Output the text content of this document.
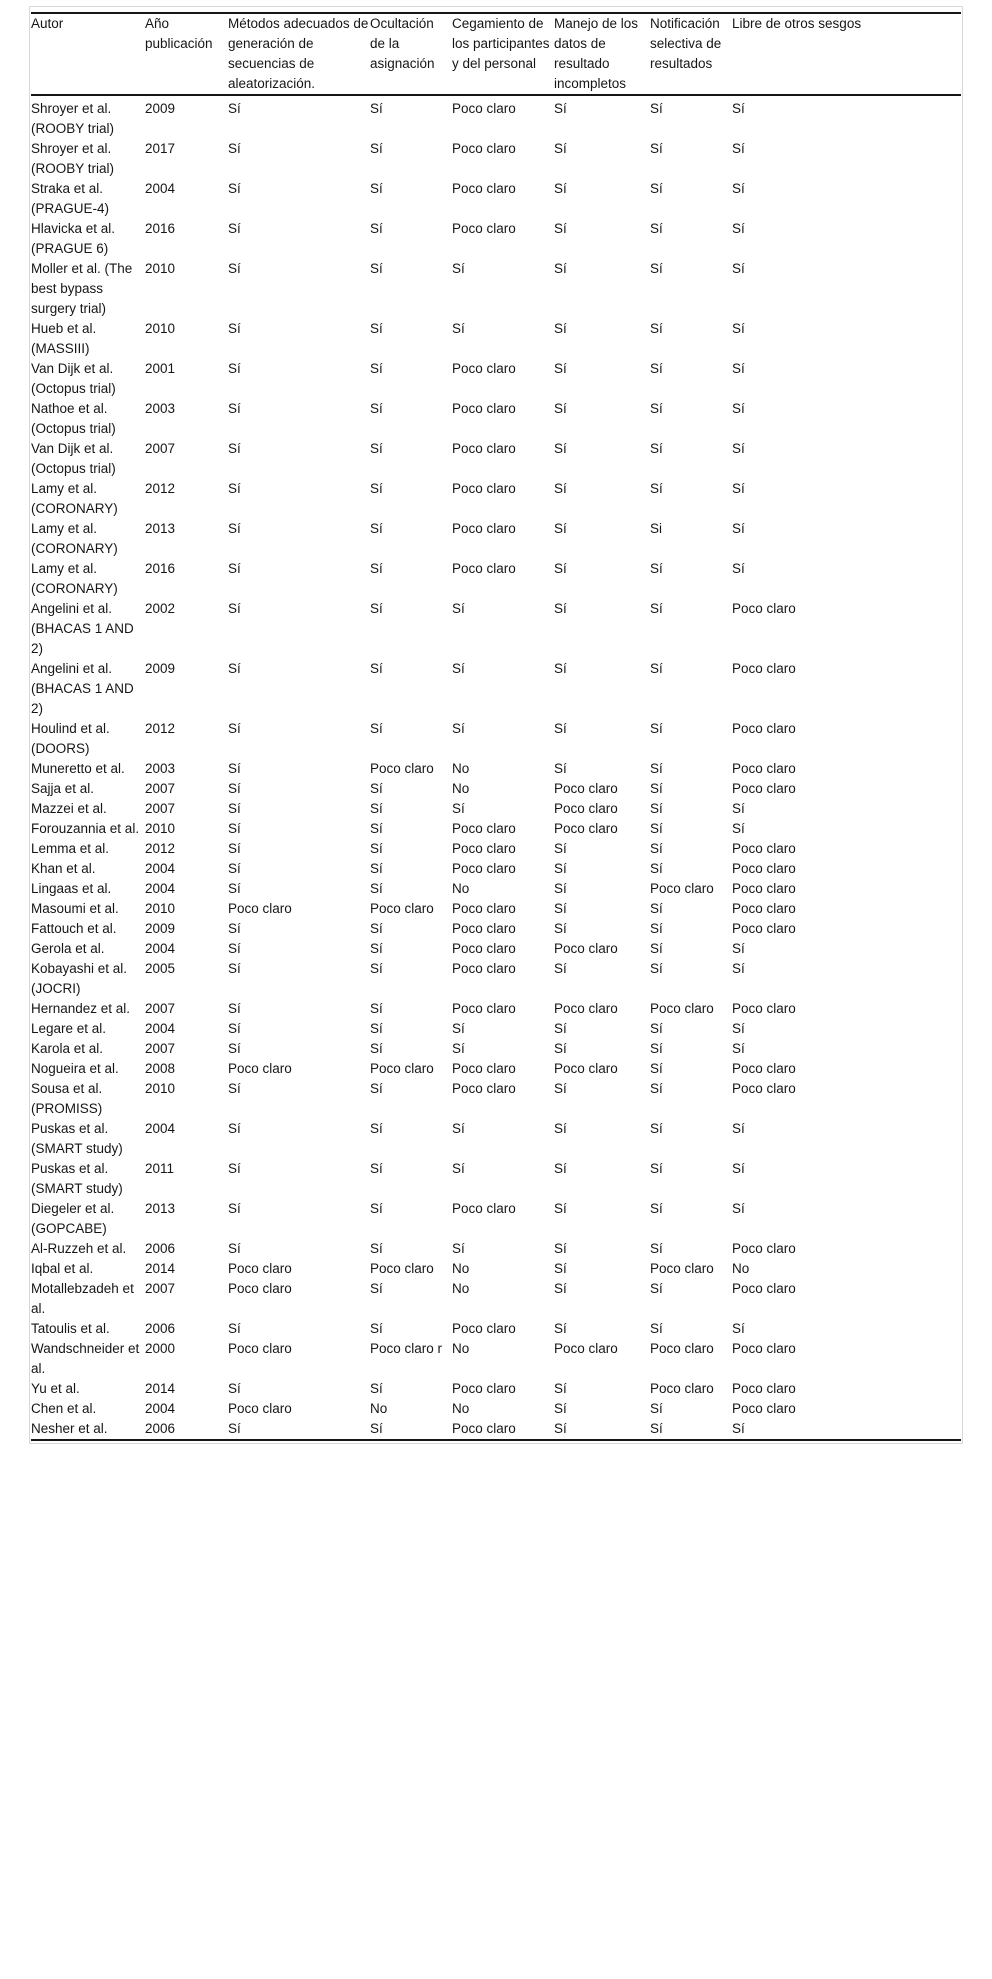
Autor	Año publicación	Métodos adecuados de generación de secuencias de aleatorización.	Ocultación de la asignación	Cegamiento de los participantes y del personal	Manejo de los datos de resultado incompletos	Notificación selectiva de resultados	Libre de otros sesgos
Shroyer et al. (ROOBY trial)	2009	Sí	Sí	Poco claro	Sí	Sí	Sí
Shroyer et al. (ROOBY trial)	2017	Sí	Sí	Poco claro	Sí	Sí	Sí
Straka et al. (PRAGUE-4)	2004	Sí	Sí	Poco claro	Sí	Sí	Sí
Hlavicka et al. (PRAGUE 6)	2016	Sí	Sí	Poco claro	Sí	Sí	Sí
Moller et al. (The best bypass surgery trial)	2010	Sí	Sí	Sí	Sí	Sí	Sí
Hueb et al. (MASSIII)	2010	Sí	Sí	Sí	Sí	Sí	Sí
Van Dijk et al. (Octopus trial)	2001	Sí	Sí	Poco claro	Sí	Sí	Sí
Nathoe et al. (Octopus trial)	2003	Sí	Sí	Poco claro	Sí	Sí	Sí
Van Dijk et al. (Octopus trial)	2007	Sí	Sí	Poco claro	Sí	Sí	Sí
Lamy et al. (CORONARY)	2012	Sí	Sí	Poco claro	Sí	Sí	Sí
Lamy et al. (CORONARY)	2013	Sí	Sí	Poco claro	Sí	Si	Sí
Lamy et al. (CORONARY)	2016	Sí	Sí	Poco claro	Sí	Sí	Sí
Angelini et al. (BHACAS 1 AND 2)	2002	Sí	Sí	Sí	Sí	Sí	Poco claro
Angelini et al. (BHACAS 1 AND 2)	2009	Sí	Sí	Sí	Sí	Sí	Poco claro
Houlind et al. (DOORS)	2012	Sí	Sí	Sí	Sí	Sí	Poco claro
Muneretto et al.	2003	Sí	Poco claro	No	Sí	Sí	Poco claro
Sajja et al.	2007	Sí	Sí	No	Poco claro	Sí	Poco claro
Mazzei et al.	2007	Sí	Sí	Sí	Poco claro	Sí	Sí
Forouzannia et al.	2010	Sí	Sí	Poco claro	Poco claro	Sí	Sí
Lemma et al.	2012	Sí	Sí	Poco claro	Sí	Sí	Poco claro
Khan et al.	2004	Sí	Sí	Poco claro	Sí	Sí	Poco claro
Lingaas et al.	2004	Sí	Sí	No	Sí	Poco claro	Poco claro
Masoumi et al.	2010	Poco claro	Poco claro	Poco claro	Sí	Sí	Poco claro
Fattouch et al.	2009	Sí	Sí	Poco claro	Sí	Sí	Poco claro
Gerola et al.	2004	Sí	Sí	Poco claro	Poco claro	Sí	Sí
Kobayashi et al. (JOCRI)	2005	Sí	Sí	Poco claro	Sí	Sí	Sí
Hernandez et al.	2007	Sí	Sí	Poco claro	Poco claro	Poco claro	Poco claro
Legare et al.	2004	Sí	Sí	Sí	Sí	Sí	Sí
Karola et al.	2007	Sí	Sí	Sí	Sí	Sí	Sí
Nogueira et al.	2008	Poco claro	Poco claro	Poco claro	Poco claro	Sí	Poco claro
Sousa et al. (PROMISS)	2010	Sí	Sí	Poco claro	Sí	Sí	Poco claro
Puskas et al. (SMART study)	2004	Sí	Sí	Sí	Sí	Sí	Sí
Puskas et al. (SMART study)	2011	Sí	Sí	Sí	Sí	Sí	Sí
Diegeler et al. (GOPCABE)	2013	Sí	Sí	Poco claro	Sí	Sí	Sí
Al-Ruzzeh et al.	2006	Sí	Sí	Sí	Sí	Sí	Poco claro
Iqbal et al.	2014	Poco claro	Poco claro	No	Sí	Poco claro	No
Motallebzadeh et al.	2007	Poco claro	Sí	No	Sí	Sí	Poco claro
Tatoulis et al.	2006	Sí	Sí	Poco claro	Sí	Sí	Sí
Wandschneider et al.	2000	Poco claro	Poco claro r	No	Poco claro	Poco claro	Poco claro
Yu et al.	2014	Sí	Sí	Poco claro	Sí	Poco claro	Poco claro
Chen et al.	2004	Poco claro	No	No	Sí	Sí	Poco claro
Nesher et al.	2006	Sí	Sí	Poco claro	Sí	Sí	Sí
